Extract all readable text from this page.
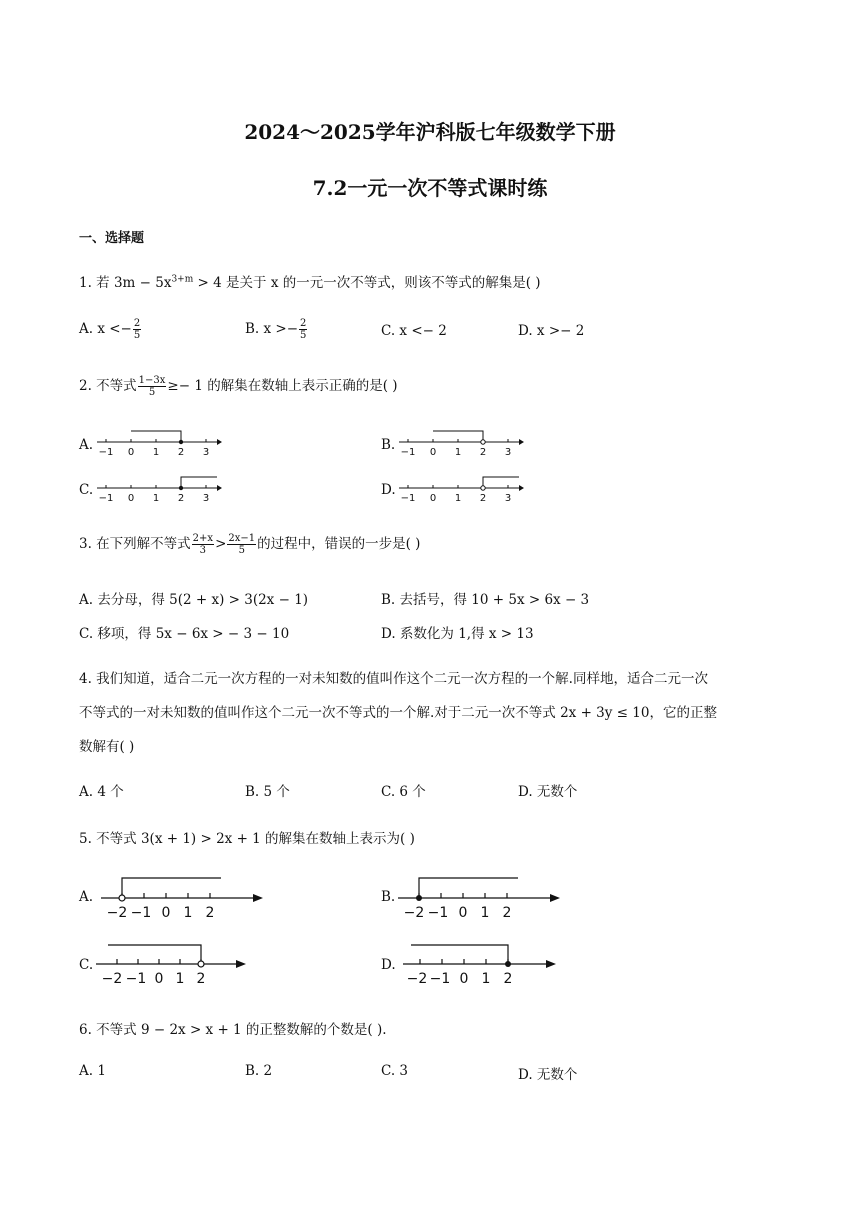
2024～2025学年沪科版七年级数学下册
7.2一元一次不等式课时练
一、选择题
1. 若 $3m - 5x^{3+m} > 4$ 是关于 x 的一元一次不等式，则该不等式的解集是( )
A. $x <- \frac{2}{5}$	B. $x >- \frac{2}{5}$	C. x <− 2	D. x >− 2
2. 不等式 $\frac{1-3x}{5} \ge- 1$ 的解集在数轴上表示正确的是( )
A. −1 0 1 2 3	B. −1 0 1 2 3
C.
−1 0 1 2 3
D.
−1 0 1 2 3
3. 在下列解不等式 $\frac{2+x}{3} > \frac{2x-1}{5}$ 的过程中，错误的一步是( )
A. 去分母，得 5(2 + x) > 3(2x − 1)	B. 去括号，得 10 + 5x > 6x − 3
C. 移项，得 5x − 6x > − 3 − 10	D. 系数化为 1,得 x > 13
4. 我们知道，适合二元一次方程的一对未知数的值叫作这个二元一次方程的一个解.同样地，适合二元一次
不等式的一对未知数的值叫作这个二元一次不等式的一个解.对于二元一次不等式 2x + 3y ≤ 10，它的正整
数解有( )
A. 4 个	B. 5 个	C. 6 个	D. 无数个
5. 不等式 3(x + 1) > 2x + 1 的解集在数轴上表示为( )
A.
−2 −1 0 1 2
B.
−2 −1 0 1 2
C.
−2 −1 0 1 2
D.
−2 −1 0 1 2
6. 不等式 9 − 2x > x + 1 的正整数解的个数是( ).
A. 1	B. 2	C. 3	D. 无数个
